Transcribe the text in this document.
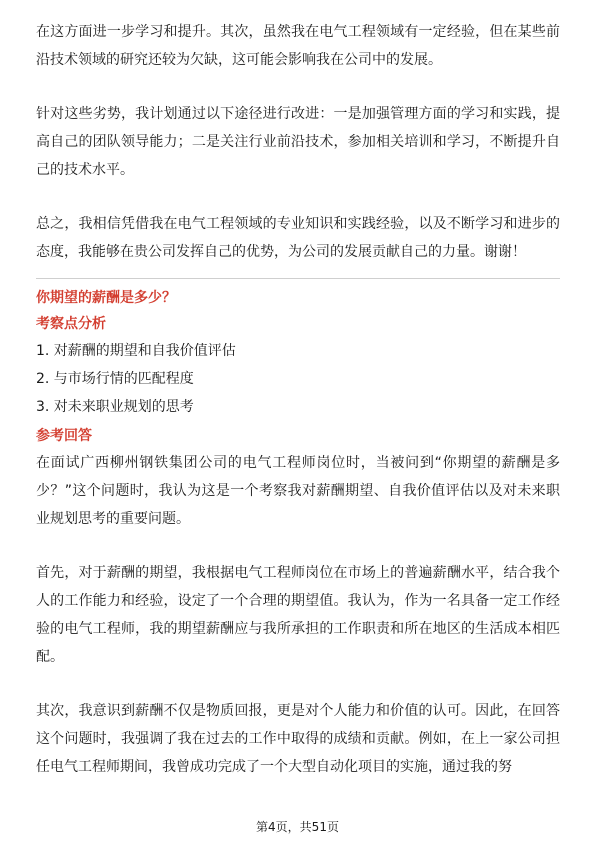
在这方面进一步学习和提升。其次，虽然我在电气工程领域有一定经验，但在某些前沿技术领域的研究还较为欠缺，这可能会影响我在公司中的发展。

针对这些劣势，我计划通过以下途径进行改进：一是加强管理方面的学习和实践，提高自己的团队领导能力；二是关注行业前沿技术，参加相关培训和学习，不断提升自己的技术水平。

总之，我相信凭借我在电气工程领域的专业知识和实践经验，以及不断学习和进步的态度，我能够在贵公司发挥自己的优势，为公司的发展贡献自己的力量。谢谢！

你期望的薪酬是多少？

考察点分析

1. 对薪酬的期望和自我价值评估
2. 与市场行情的匹配程度
3. 对未来职业规划的思考

参考回答

在面试广西柳州钢铁集团公司的电气工程师岗位时，当被问到“你期望的薪酬是多少？”这个问题时，我认为这是一个考察我对薪酬期望、自我价值评估以及对未来职业规划思考的重要问题。

首先，对于薪酬的期望，我根据电气工程师岗位在市场上的普遍薪酬水平，结合我个人的工作能力和经验，设定了一个合理的期望值。我认为，作为一名具备一定工作经验的电气工程师，我的期望薪酬应与我所承担的工作职责和所在地区的生活成本相匹配。

其次，我意识到薪酬不仅是物质回报，更是对个人能力和价值的认可。因此，在回答这个问题时，我强调了我在过去的工作中取得的成绩和贡献。例如，在上一家公司担任电气工程师期间，我曾成功完成了一个大型自动化项目的实施，通过我的努

第4页，共51页
